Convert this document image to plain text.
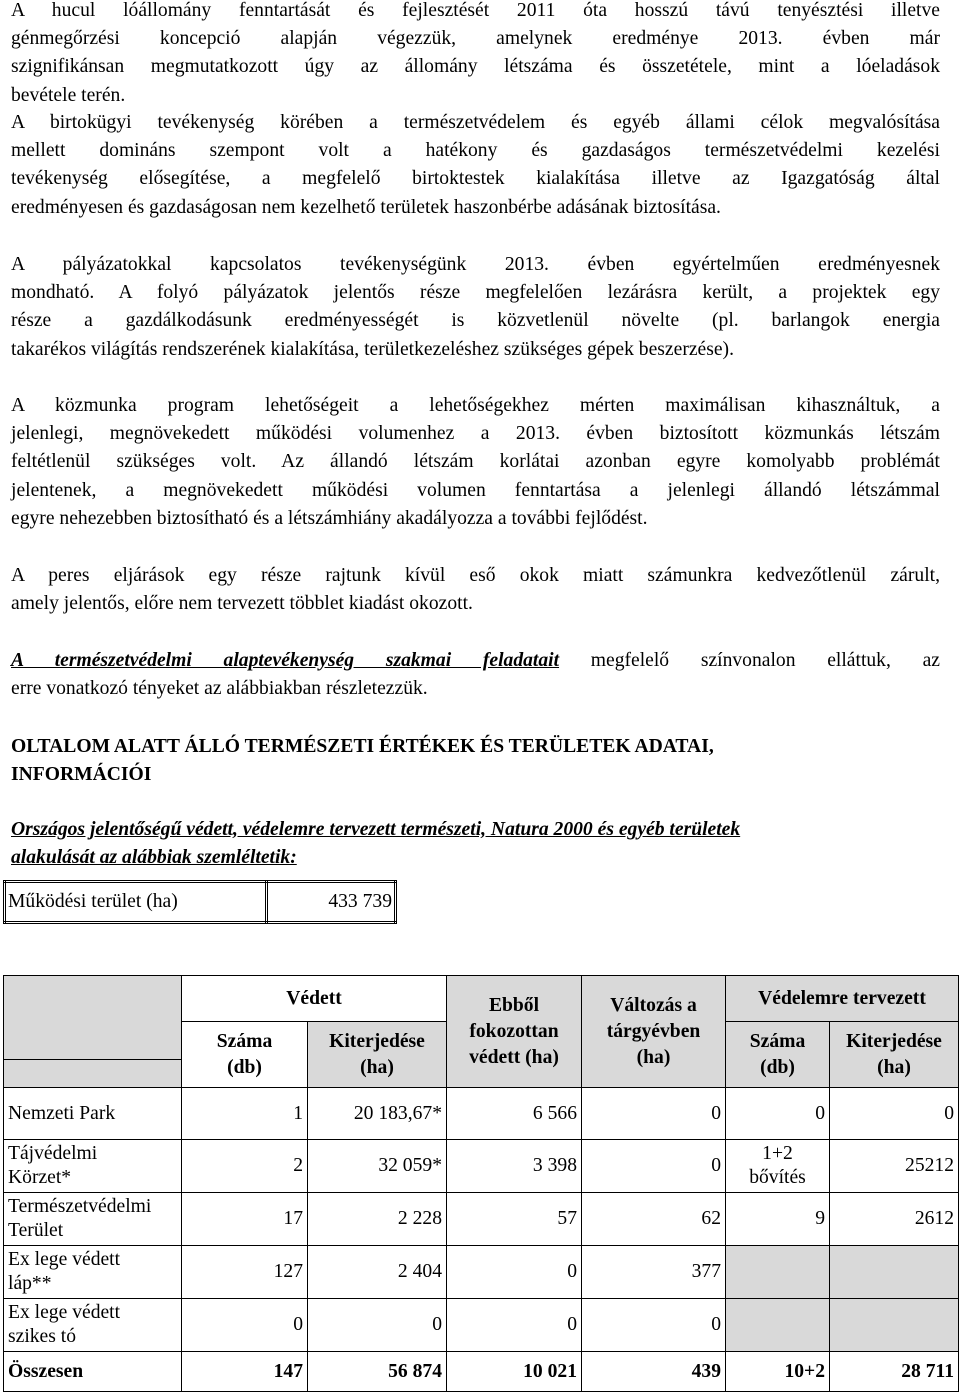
A hucul lóállomány fenntartását és fejlesztését 2011 óta hosszú távú tenyésztési illetve
génmegőrzési koncepció alapján végezzük, amelynek eredménye 2013. évben már
szignifikánsan megmutatkozott úgy az állomány létszáma és összetétele, mint a lóeladások
bevétele terén.

A birtokügyi tevékenység körében a természetvédelem és egyéb állami célok megvalósítása
mellett domináns szempont volt a hatékony és gazdaságos természetvédelmi kezelési
tevékenység elősegítése, a megfelelő birtoktestek kialakítása illetve az Igazgatóság által
eredményesen és gazdaságosan nem kezelhető területek haszonbérbe adásának biztosítása.

A pályázatokkal kapcsolatos tevékenységünk 2013. évben egyértelműen eredményesnek
mondható. A folyó pályázatok jelentős része megfelelően lezárásra került, a projektek egy
része a gazdálkodásunk eredményességét is közvetlenül növelte (pl. barlangok energia
takarékos világítás rendszerének kialakítása, területkezeléshez szükséges gépek beszerzése).

A közmunka program lehetőségeit a lehetőségekhez mérten maximálisan kihasználtuk, a
jelenlegi, megnövekedett működési volumenhez a 2013. évben biztosított közmunkás létszám
feltétlenül szükséges volt. Az állandó létszám korlátai azonban egyre komolyabb problémát
jelentenek, a megnövekedett működési volumen fenntartása a jelenlegi állandó létszámmal
egyre nehezebben biztosítható és a létszámhiány akadályozza a további fejlődést.

A peres eljárások egy része rajtunk kívül eső okok miatt számunkra kedvezőtlenül zárult,
amely jelentős, előre nem tervezett többlet kiadást okozott.

A természetvédelmi alaptevékenység szakmai feladatait megfelelő színvonalon elláttuk, az
erre vonatkozó tényeket az alábbiakban részletezzük.

OLTALOM ALATT ÁLLÓ TERMÉSZETI ÉRTÉKEK ÉS TERÜLETEK ADATAI,
INFORMÁCIÓI
Országos jelentőségű védett, védelemre tervezett természeti, Natura 2000 és egyéb területek
alakulását az alábbiak szemléltetik:
Működési terület (ha)	433 739
	Védett		Ebből
fokozottan
védett (ha)	Változás a
tárgyévben
(ha)	Védelemre tervezett	
	Száma
(db)	Kiterjedése
(ha)			Száma
(db)	Kiterjedése
(ha)

Nemzeti Park	1	20 183,67*	6 566	0	0	0
Tájvédelmi
Körzet*	2	32 059*	3 398	0	1+2
bővítés	25212
Természetvédelmi
Terület	17	2 228	57	62	9	2612
Ex lege védett
láp**	127	2 404	0	377		
Ex lege védett
szikes tó	0	0	0	0		
Összesen	147	56 874	10 021	439	10+2	28 711
